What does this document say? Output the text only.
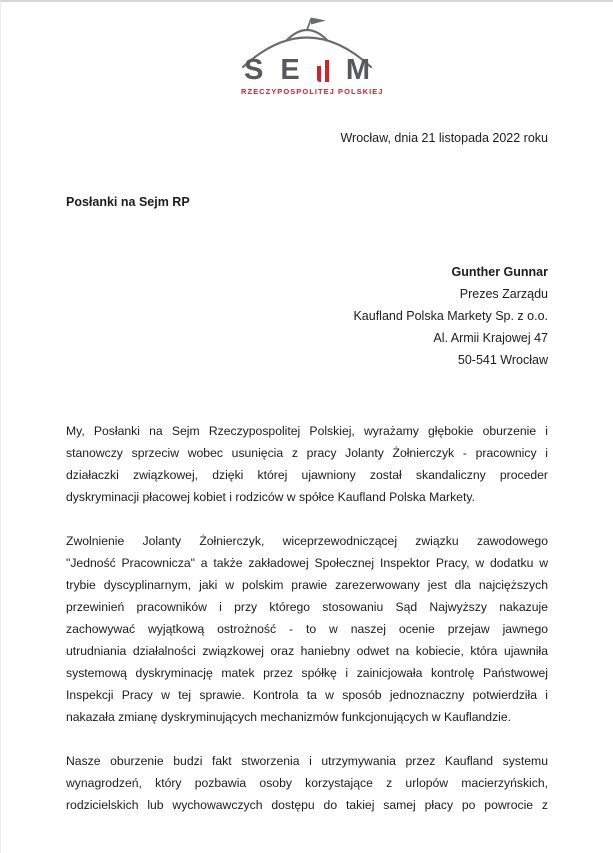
S E M
RZECZYPOSPOLITEJ POLSKIEJ
Wrocław, dnia 21 listopada 2022 roku
Posłanki na Sejm RP
Gunther Gunnar
Prezes Zarządu
Kaufland Polska Markety Sp. z o.o.
Al. Armii Krajowej 47
50-541 Wrocław
My, Posłanki na Sejm Rzeczypospolitej Polskiej, wyrażamy głębokie oburzenie i
stanowczy sprzeciw wobec usunięcia z pracy Jolanty Żołnierczyk - pracownicy i
działaczki związkowej, dzięki której ujawniony został skandaliczny proceder
dyskryminacji płacowej kobiet i rodziców w spółce Kaufland Polska Markety.
Zwolnienie Jolanty Żołnierczyk, wiceprzewodniczącej związku zawodowego
"Jedność Pracownicza" a także zakładowej Społecznej Inspektor Pracy, w dodatku w
trybie dyscyplinarnym, jaki w polskim prawie zarezerwowany jest dla najcięższych
przewinień pracowników i przy którego stosowaniu Sąd Najwyższy nakazuje
zachowywać wyjątkową ostrożność - to w naszej ocenie przejaw jawnego
utrudniania działalności związkowej oraz haniebny odwet na kobiecie, która ujawniła
systemową dyskryminację matek przez spółkę i zainicjowała kontrolę Państwowej
Inspekcji Pracy w tej sprawie. Kontrola ta w sposób jednoznaczny potwierdziła i
nakazała zmianę dyskryminujących mechanizmów funkcjonujących w Kauflandzie.
Nasze oburzenie budzi fakt stworzenia i utrzymywania przez Kaufland systemu
wynagrodzeń, który pozbawia osoby korzystające z urlopów macierzyńskich,
rodzicielskich lub wychowawczych dostępu do takiej samej płacy po powrocie z
